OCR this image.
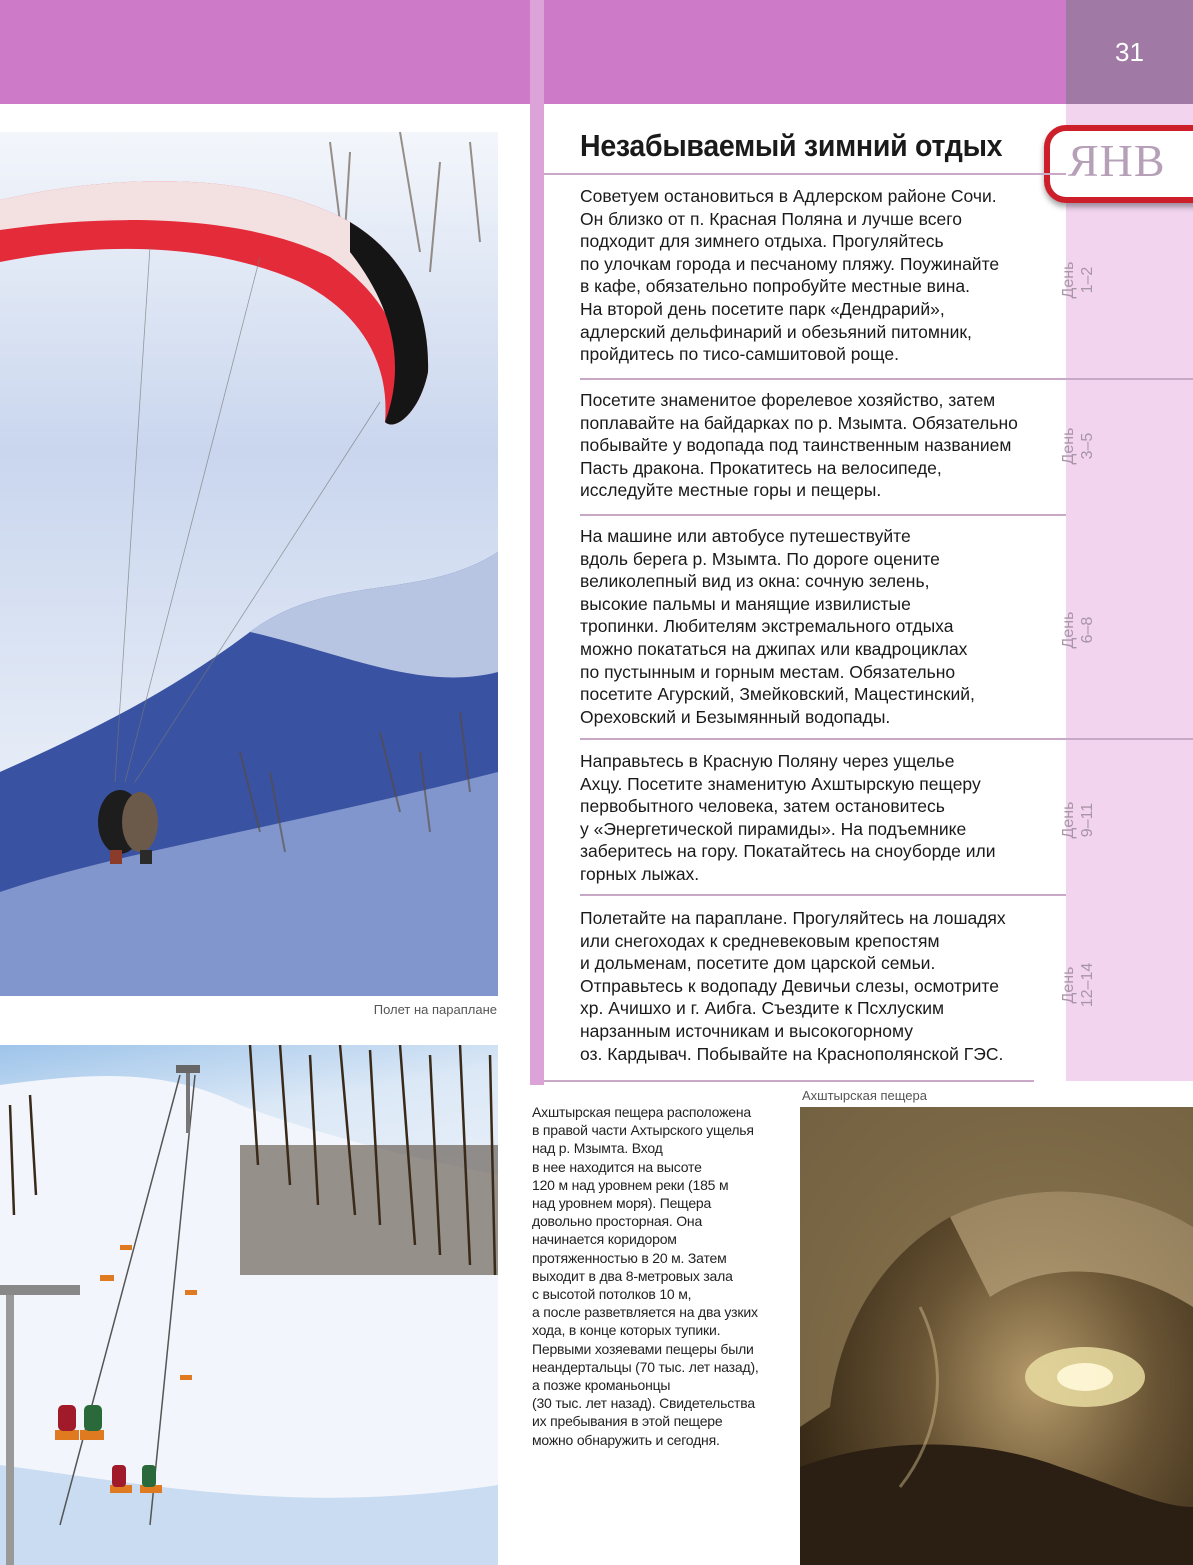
31
ЯНВ
Полет на параплане
Ахштырская пещера
Незабываемый зимний отдых
Советуем остановиться в Адлерском районе Сочи.
Он близко от п. Красная Поляна и лучше всего
подходит для зимнего отдыха. Прогуляйтесь
по улочкам города и песчаному пляжу. Поужинайте
в кафе, обязательно попробуйте местные вина.
На второй день посетите парк «Дендрарий»,
адлерский дельфинарий и обезьяний питомник,
пройдитесь по тисо-самшитовой роще.
День 1–2
Посетите знаменитое форелевое хозяйство, затем
поплавайте на байдарках по р. Мзымта. Обязательно
побывайте у водопада под таинственным названием
Пасть дракона. Прокатитесь на велосипеде,
исследуйте местные горы и пещеры.
День 3–5
На машине или автобусе путешествуйте
вдоль берега р. Мзымта. По дороге оцените
великолепный вид из окна: сочную зелень,
высокие пальмы и манящие извилистые
тропинки. Любителям экстремального отдыха
можно покататься на джипах или квадроциклах
по пустынным и горным местам. Обязательно
посетите Агурский, Змейковский, Мацестинский,
Ореховский и Безымянный водопады.
День 6–8
Направьтесь в Красную Поляну через ущелье
Ахцу. Посетите знаменитую Ахштырскую пещеру
первобытного человека, затем остановитесь
у «Энергетической пирамиды». На подъемнике
заберитесь на гору. Покатайтесь на сноуборде или
горных лыжах.
День 9–11
Полетайте на параплане. Прогуляйтесь на лошадях
или снегоходах к средневековым крепостям
и дольменам, посетите дом царской семьи.
Отправьтесь к водопаду Девичьи слезы, осмотрите
хр. Ачишхо и г. Аибга. Съездите к Псхлуским
нарзанным источникам и высокогорному
оз. Кардывач. Побывайте на Краснополянской ГЭС.
День 12–14
Ахштырская пещера расположена
в правой части Ахтырского ущелья
над р. Мзымта. Вход
в нее находится на высоте
120 м над уровнем реки (185 м
над уровнем моря). Пещера
довольно просторная. Она
начинается коридором
протяженностью в 20 м. Затем
выходит в два 8-метровых зала
с высотой потолков 10 м,
а после разветвляется на два узких
хода, в конце которых тупики.
Первыми хозяевами пещеры были
неандертальцы (70 тыс. лет назад),
а позже кроманьонцы
(30 тыс. лет назад). Свидетельства
их пребывания в этой пещере
можно обнаружить и сегодня.
